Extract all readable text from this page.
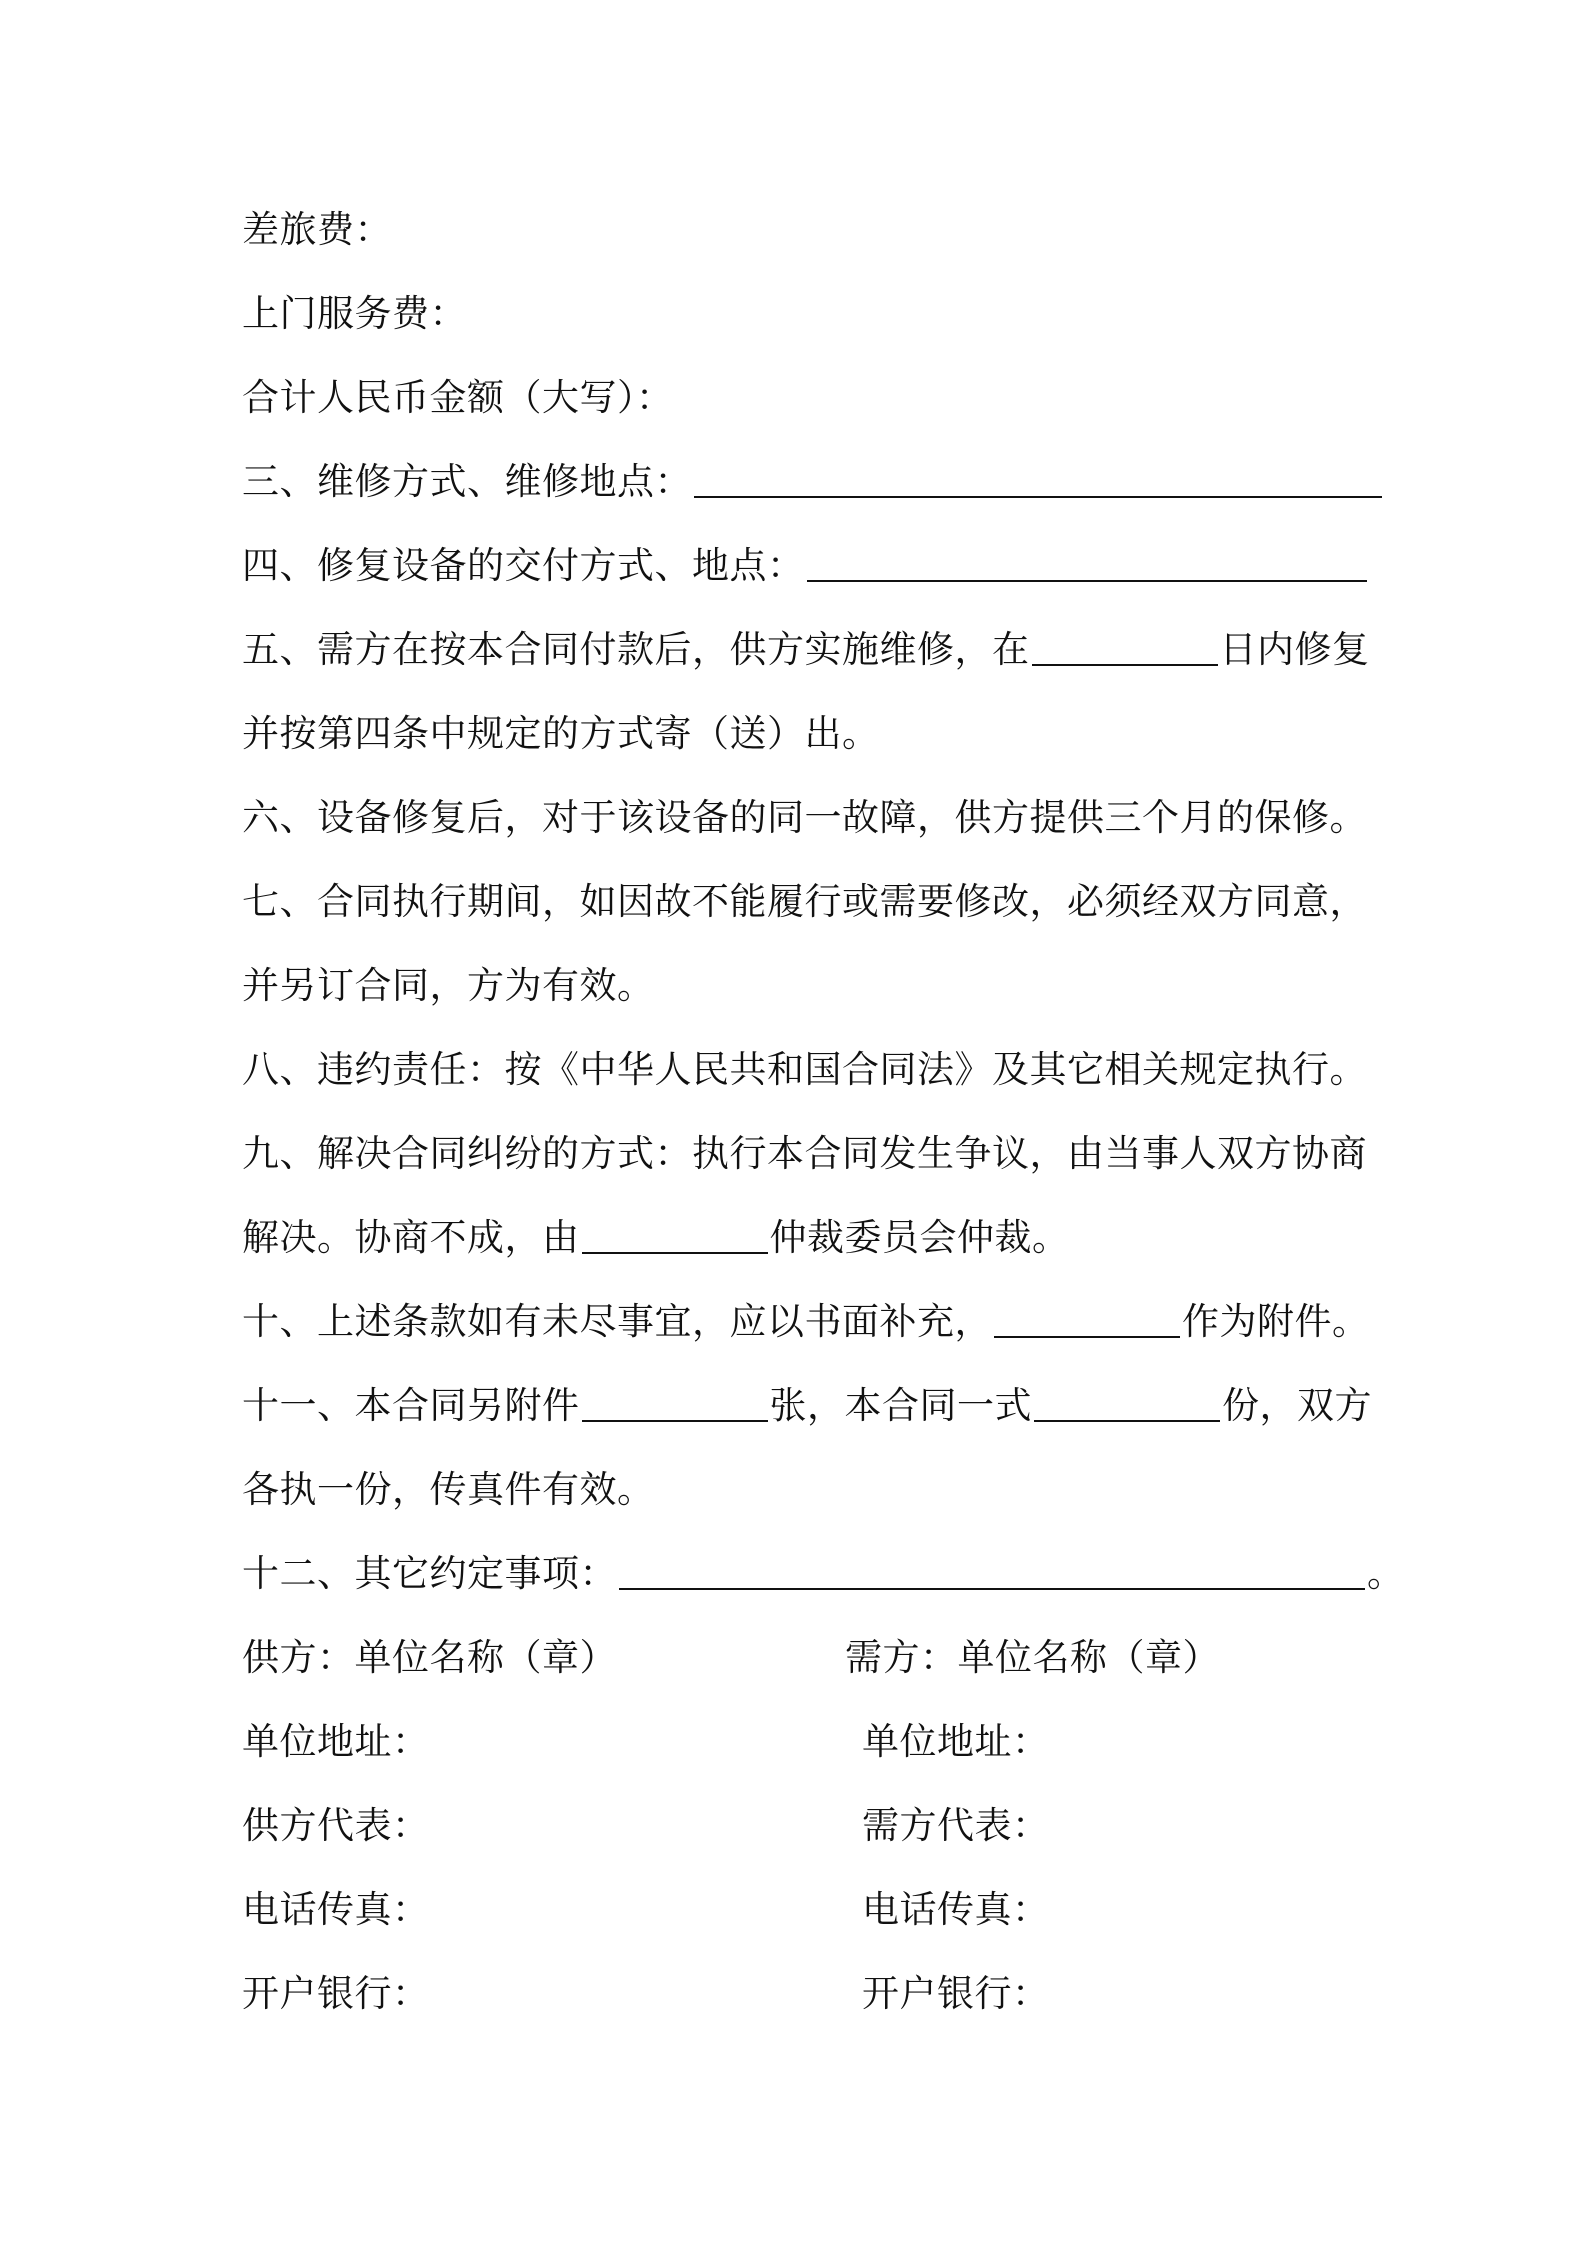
差旅费：
上门服务费：
合计人民币金额（大写）：
三、维修方式、维修地点：
四、修复设备的交付方式、地点：
五、需方在按本合同付款后，供方实施维修，在	日内修复
并按第四条中规定的方式寄（送）出。
六、设备修复后，对于该设备的同一故障，供方提供三个月的保修。
七、合同执行期间，如因故不能履行或需要修改，必须经双方同意，
并另订合同，方为有效。
八、违约责任：按《中华人民共和国合同法》及其它相关规定执行。
九、解决合同纠纷的方式：执行本合同发生争议，由当事人双方协商
解决。协商不成，由	仲裁委员会仲裁。
十、上述条款如有未尽事宜，应以书面补充，	作为附件。
十一、本合同另附件	张，本合同一式	份，双方
各执一份，传真件有效。
十二、其它约定事项：	。
供方：单位名称（章）	需方：单位名称（章）
单位地址：	单位地址：
供方代表：	需方代表：
电话传真：	电话传真：
开户银行：	开户银行：
